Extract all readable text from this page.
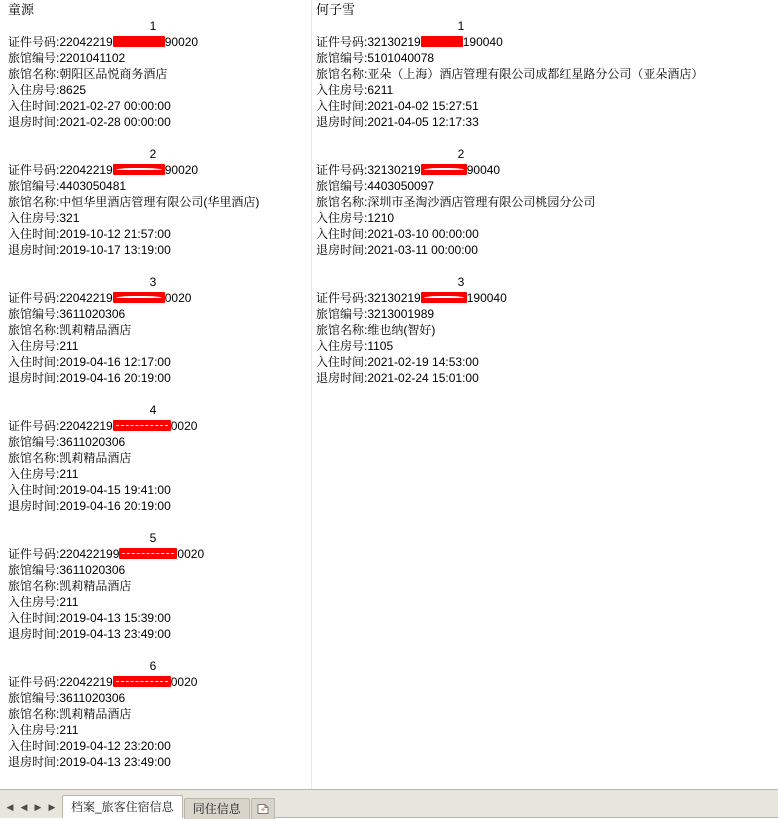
童源
1
证件号码:22042219	90020
旅馆编号:2201041102
旅馆名称:朝阳区品悦商务酒店
入住房号:8625
入住时间:2021-02-27 00:00:00
退房时间:2021-02-28 00:00:00
2
证件号码:22042219	90020
旅馆编号:4403050481
旅馆名称:中恒华里酒店管理有限公司(华里酒店)
入住房号:321
入住时间:2019-10-12 21:57:00
退房时间:2019-10-17 13:19:00
3
证件号码:22042219	0020
旅馆编号:3611020306
旅馆名称:凯莉精品酒店
入住房号:211
入住时间:2019-04-16 12:17:00
退房时间:2019-04-16 20:19:00
4
证件号码:22042219	0020
旅馆编号:3611020306
旅馆名称:凯莉精品酒店
入住房号:211
入住时间:2019-04-15 19:41:00
退房时间:2019-04-16 20:19:00
5
证件号码:220422199	0020
旅馆编号:3611020306
旅馆名称:凯莉精品酒店
入住房号:211
入住时间:2019-04-13 15:39:00
退房时间:2019-04-13 23:49:00
6
证件号码:22042219	0020
旅馆编号:3611020306
旅馆名称:凯莉精品酒店
入住房号:211
入住时间:2019-04-12 23:20:00
退房时间:2019-04-13 23:49:00
何子雪
1
证件号码:32130219	190040
旅馆编号:5101040078
旅馆名称:亚朵（上海）酒店管理有限公司成都红星路分公司（亚朵酒店）
入住房号:6211
入住时间:2021-04-02 15:27:51
退房时间:2021-04-05 12:17:33
2
证件号码:32130219	90040
旅馆编号:4403050097
旅馆名称:深圳市圣淘沙酒店管理有限公司桃园分公司
入住房号:1210
入住时间:2021-03-10 00:00:00
退房时间:2021-03-11 00:00:00
3
证件号码:32130219	190040
旅馆编号:3213001989
旅馆名称:维也纳(智好)
入住房号:1105
入住时间:2021-02-19 14:53:00
退房时间:2021-02-24 15:01:00
◀ ◀ ▶ ▶	档案_旅客住宿信息	同住信息
